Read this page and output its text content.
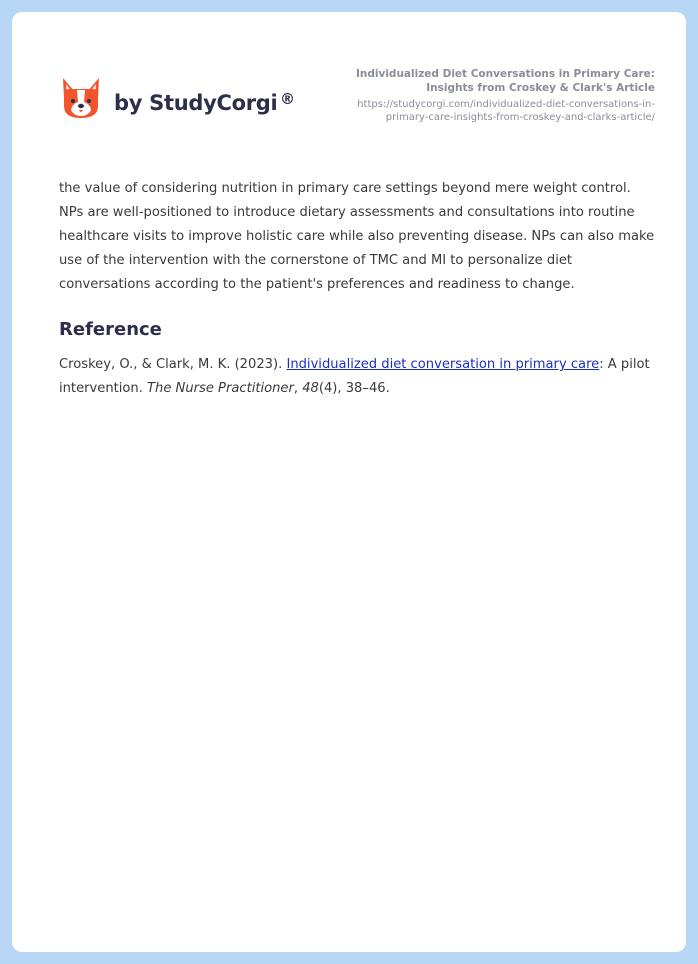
by StudyCorgi ®
Individualized Diet Conversations in Primary Care: Insights from Croskey & Clark's Article
https://studycorgi.com/individualized-diet-conversations-in-primary-care-insights-from-croskey-and-clarks-article/

the value of considering nutrition in primary care settings beyond mere weight control. NPs are well-positioned to introduce dietary assessments and consultations into routine healthcare visits to improve holistic care while also preventing disease. NPs can also make use of the intervention with the cornerstone of TMC and MI to personalize diet conversations according to the patient's preferences and readiness to change.

Reference

Croskey, O., & Clark, M. K. (2023). Individualized diet conversation in primary care: A pilot intervention. The Nurse Practitioner, 48(4), 38–46.
